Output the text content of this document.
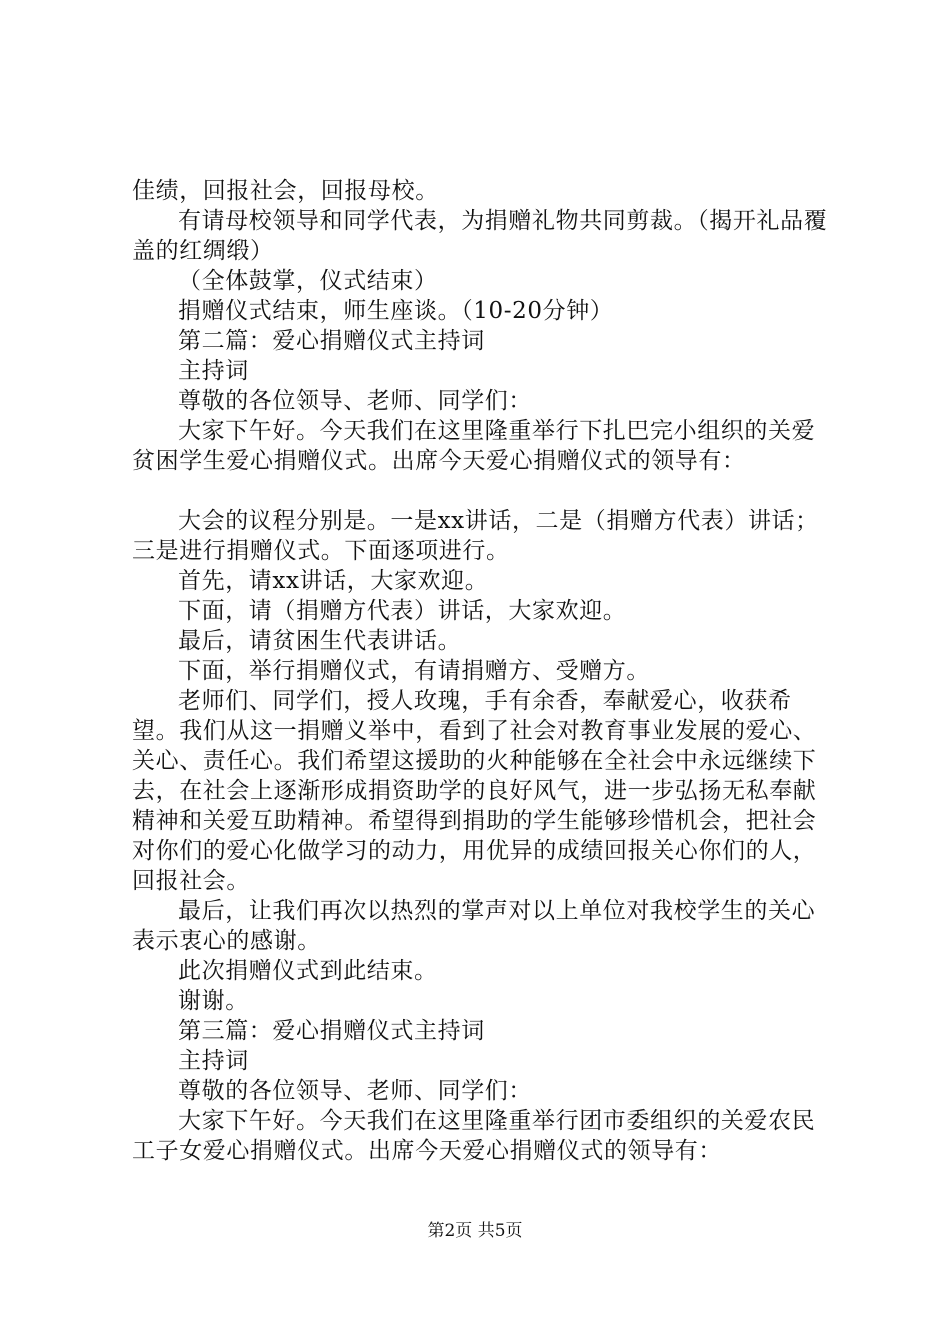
佳绩，回报社会，回报母校。

有请母校领导和同学代表，为捐赠礼物共同剪裁。（揭开礼品覆盖的红绸缎）

（全体鼓掌，仪式结束）

捐赠仪式结束，师生座谈。（10-20分钟）

第二篇：爱心捐赠仪式主持词

主持词

尊敬的各位领导、老师、同学们：

大家下午好。今天我们在这里隆重举行下扎巴完小组织的关爱贫困学生爱心捐赠仪式。出席今天爱心捐赠仪式的领导有：

大会的议程分别是。一是xx讲话，二是（捐赠方代表）讲话；三是进行捐赠仪式。下面逐项进行。

首先，请xx讲话，大家欢迎。

下面，请（捐赠方代表）讲话，大家欢迎。

最后，请贫困生代表讲话。

下面，举行捐赠仪式，有请捐赠方、受赠方。

老师们、同学们，授人玫瑰，手有余香，奉献爱心，收获希望。我们从这一捐赠义举中，看到了社会对教育事业发展的爱心、关心、责任心。我们希望这援助的火种能够在全社会中永远继续下去，在社会上逐渐形成捐资助学的良好风气，进一步弘扬无私奉献精神和关爱互助精神。希望得到捐助的学生能够珍惜机会，把社会对你们的爱心化做学习的动力，用优异的成绩回报关心你们的人，回报社会。

最后，让我们再次以热烈的掌声对以上单位对我校学生的关心表示衷心的感谢。

此次捐赠仪式到此结束。

谢谢。

第三篇：爱心捐赠仪式主持词

主持词

尊敬的各位领导、老师、同学们：

大家下午好。今天我们在这里隆重举行团市委组织的关爱农民工子女爱心捐赠仪式。出席今天爱心捐赠仪式的领导有：

第2页 共5页
